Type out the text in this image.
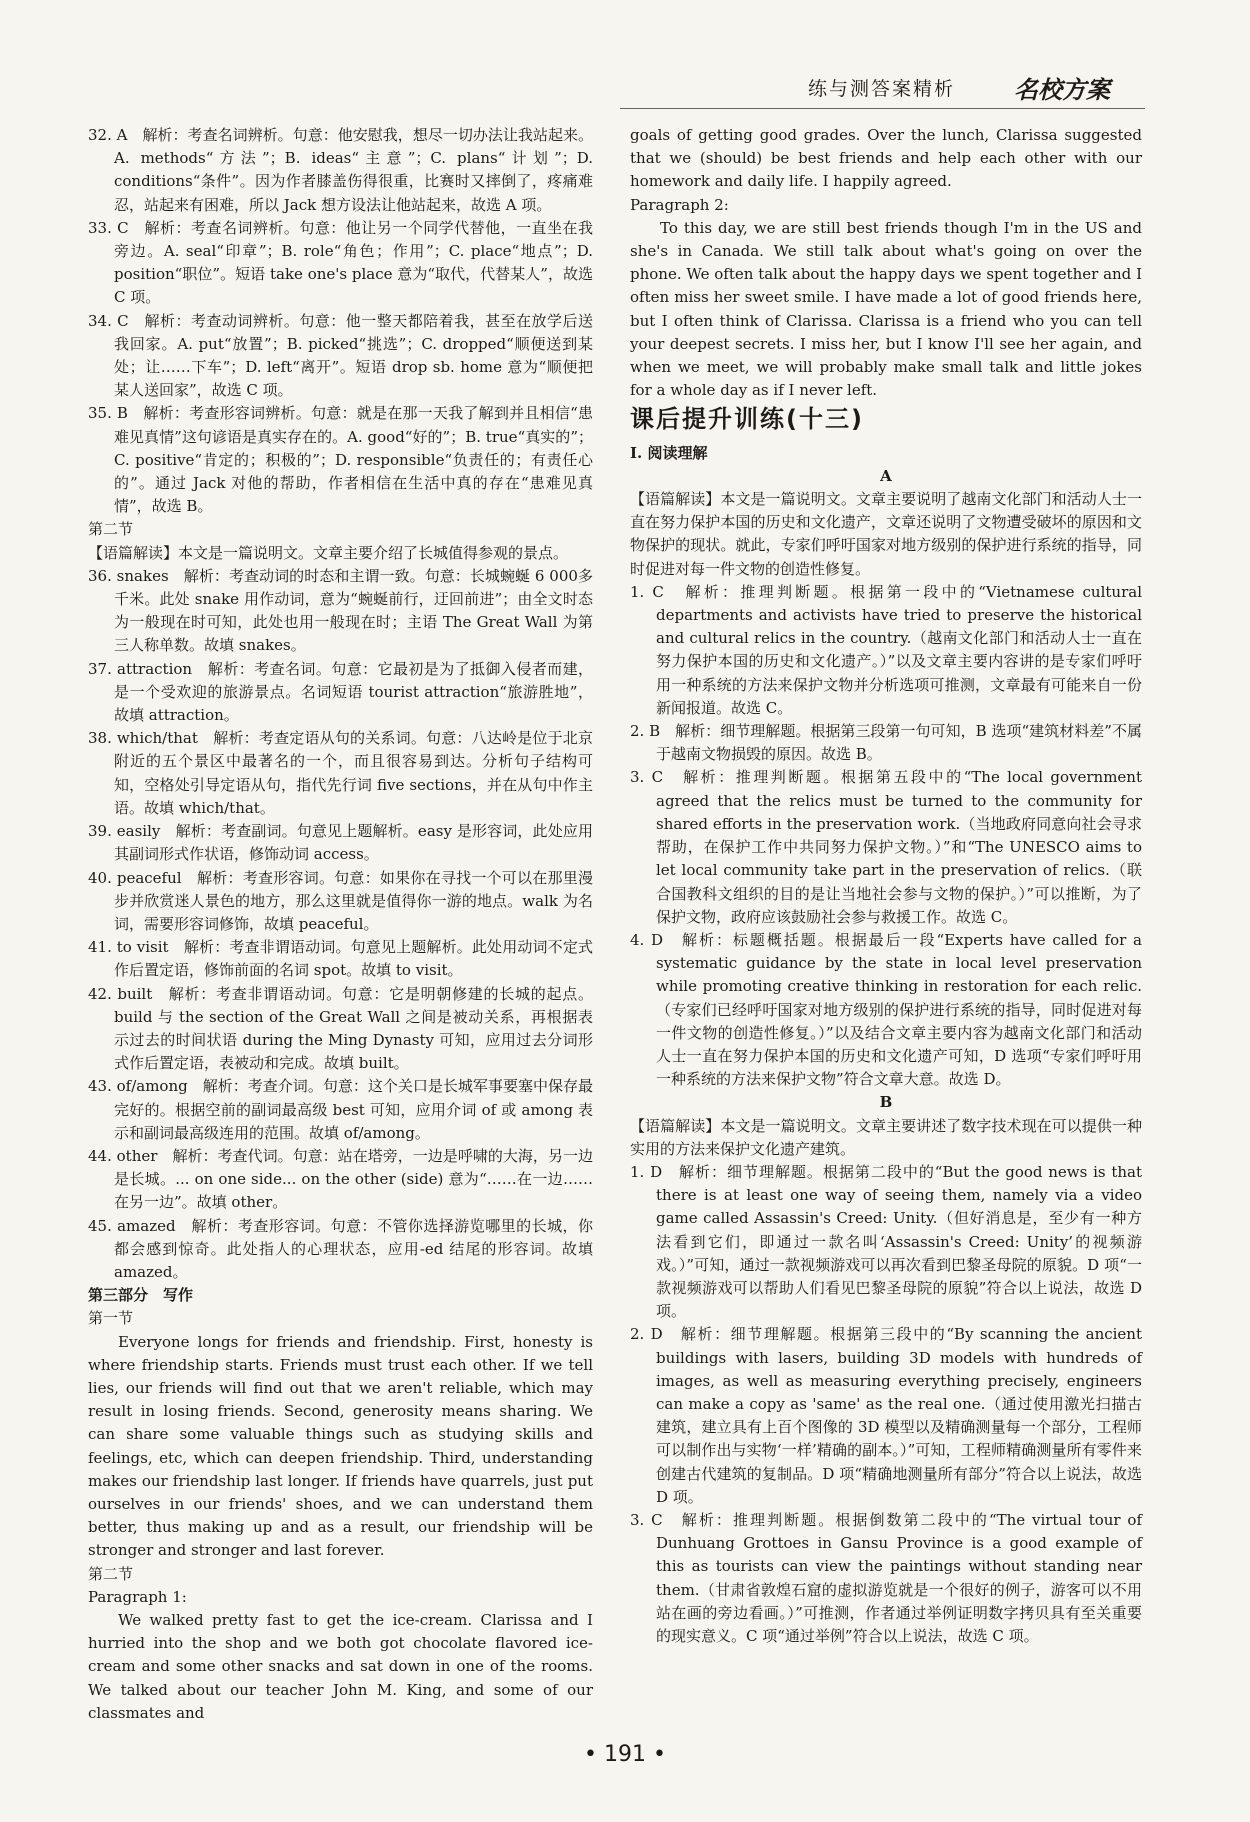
练与测答案精析 名校方案

32. A　解析：考查名词辨析。句意：他安慰我，想尽一切办法让我站起来。A. methods“方法”；B. ideas“主意”；C. plans“计划”；D. conditions“条件”。因为作者膝盖伤得很重，比赛时又摔倒了，疼痛难忍，站起来有困难，所以 Jack 想方设法让他站起来，故选 A 项。

33. C　解析：考查名词辨析。句意：他让另一个同学代替他，一直坐在我旁边。A. seal“印章”；B. role“角色；作用”；C. place“地点”；D. position“职位”。短语 take one's place 意为“取代，代替某人”，故选 C 项。

34. C　解析：考查动词辨析。句意：他一整天都陪着我，甚至在放学后送我回家。A. put“放置”；B. picked“挑选”；C. dropped“顺便送到某处；让……下车”；D. left“离开”。短语 drop sb. home 意为“顺便把某人送回家”，故选 C 项。

35. B　解析：考查形容词辨析。句意：就是在那一天我了解到并且相信“患难见真情”这句谚语是真实存在的。A. good“好的”；B. true“真实的”；C. positive“肯定的；积极的”；D. responsible“负责任的；有责任心的”。通过 Jack 对他的帮助，作者相信在生活中真的存在“患难见真情”，故选 B。

第二节

【语篇解读】本文是一篇说明文。文章主要介绍了长城值得参观的景点。

36. snakes　解析：考查动词的时态和主谓一致。句意：长城蜿蜒 6 000多千米。此处 snake 用作动词，意为“蜿蜒前行，迂回前进”；由全文时态为一般现在时可知，此处也用一般现在时；主语 The Great Wall 为第三人称单数。故填 snakes。

37. attraction　解析：考查名词。句意：它最初是为了抵御入侵者而建，是一个受欢迎的旅游景点。名词短语 tourist attraction“旅游胜地”，故填 attraction。

38. which/that　解析：考查定语从句的关系词。句意：八达岭是位于北京附近的五个景区中最著名的一个，而且很容易到达。分析句子结构可知，空格处引导定语从句，指代先行词 five sections，并在从句中作主语。故填 which/that。

39. easily　解析：考查副词。句意见上题解析。easy 是形容词，此处应用其副词形式作状语，修饰动词 access。

40. peaceful　解析：考查形容词。句意：如果你在寻找一个可以在那里漫步并欣赏迷人景色的地方，那么这里就是值得你一游的地点。walk 为名词，需要形容词修饰，故填 peaceful。

41. to visit　解析：考查非谓语动词。句意见上题解析。此处用动词不定式作后置定语，修饰前面的名词 spot。故填 to visit。

42. built　解析：考查非谓语动词。句意：它是明朝修建的长城的起点。build 与 the section of the Great Wall 之间是被动关系，再根据表示过去的时间状语 during the Ming Dynasty 可知，应用过去分词形式作后置定语，表被动和完成。故填 built。

43. of/among　解析：考查介词。句意：这个关口是长城军事要塞中保存最完好的。根据空前的副词最高级 best 可知，应用介词 of 或 among 表示和副词最高级连用的范围。故填 of/among。

44. other　解析：考查代词。句意：站在塔旁，一边是呼啸的大海，另一边是长城。... on one side... on the other (side) 意为“……在一边……在另一边”。故填 other。

45. amazed　解析：考查形容词。句意：不管你选择游览哪里的长城，你都会感到惊奇。此处指人的心理状态，应用-ed 结尾的形容词。故填 amazed。

第三部分　写作

第一节

Everyone longs for friends and friendship. First, honesty is where friendship starts. Friends must trust each other. If we tell lies, our friends will find out that we aren't reliable, which may result in losing friends. Second, generosity means sharing. We can share some valuable things such as studying skills and feelings, etc, which can deepen friendship. Third, understanding makes our friendship last longer. If friends have quarrels, just put ourselves in our friends' shoes, and we can understand them better, thus making up and as a result, our friendship will be stronger and stronger and last forever.

第二节

Paragraph 1:

We walked pretty fast to get the ice-cream. Clarissa and I hurried into the shop and we both got chocolate flavored ice-cream and some other snacks and sat down in one of the rooms. We talked about our teacher John M. King, and some of our classmates and

goals of getting good grades. Over the lunch, Clarissa suggested that we (should) be best friends and help each other with our homework and daily life. I happily agreed.

Paragraph 2:

To this day, we are still best friends though I'm in the US and she's in Canada. We still talk about what's going on over the phone. We often talk about the happy days we spent together and I often miss her sweet smile. I have made a lot of good friends here, but I often think of Clarissa. Clarissa is a friend who you can tell your deepest secrets. I miss her, but I know I'll see her again, and when we meet, we will probably make small talk and little jokes for a whole day as if I never left.

课后提升训练(十三)

Ⅰ. 阅读理解

A

【语篇解读】本文是一篇说明文。文章主要说明了越南文化部门和活动人士一直在努力保护本国的历史和文化遗产，文章还说明了文物遭受破坏的原因和文物保护的现状。就此，专家们呼吁国家对地方级别的保护进行系统的指导，同时促进对每一件文物的创造性修复。

1. C　解析：推理判断题。根据第一段中的“Vietnamese cultural departments and activists have tried to preserve the historical and cultural relics in the country.（越南文化部门和活动人士一直在努力保护本国的历史和文化遗产。）”以及文章主要内容讲的是专家们呼吁用一种系统的方法来保护文物并分析选项可推测，文章最有可能来自一份新闻报道。故选 C。

2. B　解析：细节理解题。根据第三段第一句可知，B 选项“建筑材料差”不属于越南文物损毁的原因。故选 B。

3. C　解析：推理判断题。根据第五段中的“The local government agreed that the relics must be turned to the community for shared efforts in the preservation work.（当地政府同意向社会寻求帮助，在保护工作中共同努力保护文物。）”和“The UNESCO aims to let local community take part in the preservation of relics.（联合国教科文组织的目的是让当地社会参与文物的保护。）”可以推断，为了保护文物，政府应该鼓励社会参与救援工作。故选 C。

4. D　解析：标题概括题。根据最后一段“Experts have called for a systematic guidance by the state in local level preservation while promoting creative thinking in restoration for each relic.（专家们已经呼吁国家对地方级别的保护进行系统的指导，同时促进对每一件文物的创造性修复。）”以及结合文章主要内容为越南文化部门和活动人士一直在努力保护本国的历史和文化遗产可知，D 选项“专家们呼吁用一种系统的方法来保护文物”符合文章大意。故选 D。

B

【语篇解读】本文是一篇说明文。文章主要讲述了数字技术现在可以提供一种实用的方法来保护文化遗产建筑。

1. D　解析：细节理解题。根据第二段中的“But the good news is that there is at least one way of seeing them, namely via a video game called Assassin's Creed: Unity.（但好消息是，至少有一种方法看到它们，即通过一款名叫‘Assassin's Creed: Unity’的视频游戏。）”可知，通过一款视频游戏可以再次看到巴黎圣母院的原貌。D 项“一款视频游戏可以帮助人们看见巴黎圣母院的原貌”符合以上说法，故选 D 项。

2. D　解析：细节理解题。根据第三段中的“By scanning the ancient buildings with lasers, building 3D models with hundreds of images, as well as measuring everything precisely, engineers can make a copy as 'same' as the real one.（通过使用激光扫描古建筑，建立具有上百个图像的 3D 模型以及精确测量每一个部分，工程师可以制作出与实物‘一样’精确的副本。）”可知，工程师精确测量所有零件来创建古代建筑的复制品。D 项“精确地测量所有部分”符合以上说法，故选 D 项。

3. C　解析：推理判断题。根据倒数第二段中的“The virtual tour of Dunhuang Grottoes in Gansu Province is a good example of this as tourists can view the paintings without standing near them.（甘肃省敦煌石窟的虚拟游览就是一个很好的例子，游客可以不用站在画的旁边看画。）”可推测，作者通过举例证明数字拷贝具有至关重要的现实意义。C 项“通过举例”符合以上说法，故选 C 项。

• 191 •
